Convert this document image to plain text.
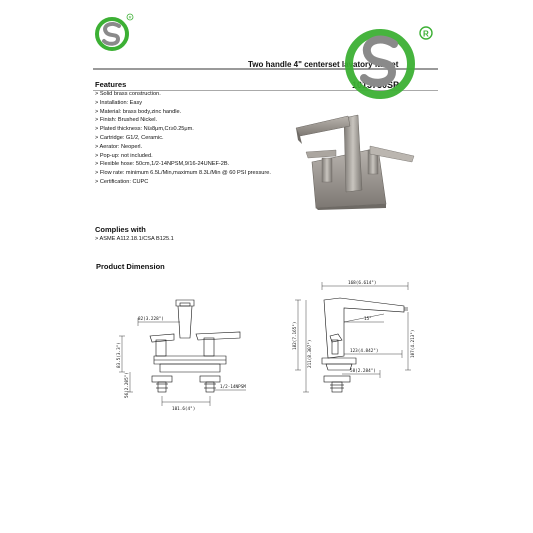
R
Two handle 4" centerset lavatory faucet
1013730SP
R
Features
> Solid brass construction.
> Installation: Easy
> Material: brass body,zinc handle.
> Finish: Brushed Nickel.
> Plated thickness: Ni≥8μm,Cr≥0.25μm.
> Cartridge: G1/2, Ceramic.
> Aerator: Neoperl.
> Pop-up: not included.
> Flexible hose: 50cm,1/2-14NPSM,9/16-24UNEF-2B.
> Flow rate: minimum 6.5L/Min,maximum 8.3L/Min @ 60 PSI pressure.
> Certification: CUPC
Complies with
> ASME A112.18.1/CSA B125.1
Product Dimension
82(3.228")
83.5(3.3")
56(2.205")	1/2-14NPSM
101.6(4")
168(6.614")
15°
182(7.165")
211(8.307")	123(4.842")	107(4.213")
58(2.284")
